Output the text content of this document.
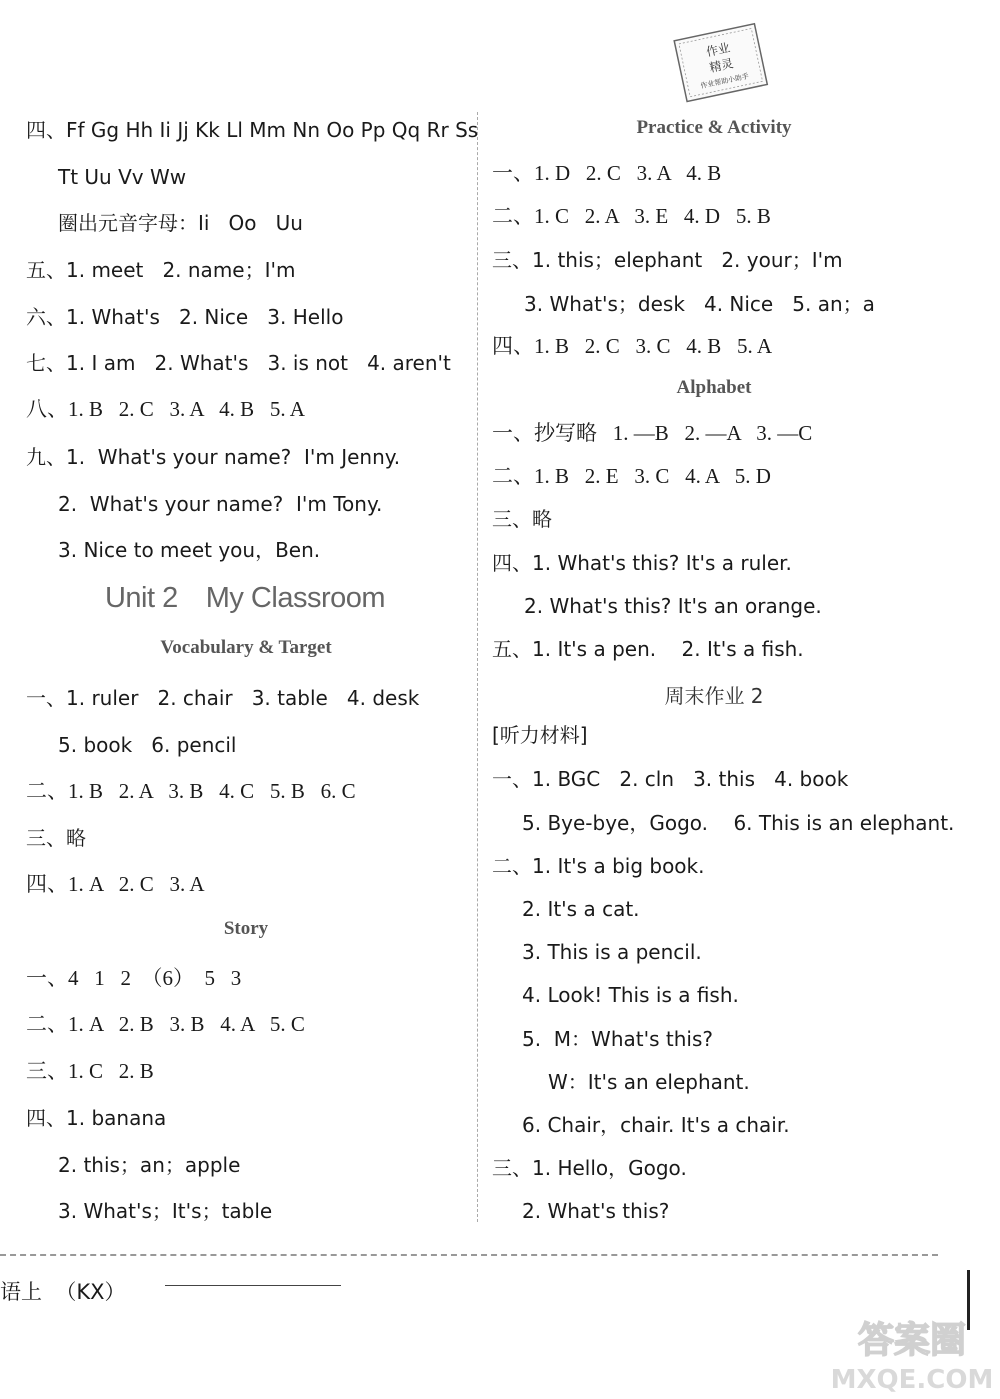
作业
精灵
作业帮助小助手
四、Ff Gg Hh Ii Jj Kk Ll Mm Nn Oo Pp Qq Rr Ss
Tt Uu Vv Ww
圈出元音字母：Ii   Oo   Uu
五、1. meet   2. name；I'm
六、1. What's   2. Nice   3. Hello
七、1. I am   2. What's   3. is not   4. aren't
八、1. B   2. C   3. A   4. B   5. A
九、1.  What's your name?  I'm Jenny.
2.  What's your name?  I'm Tony.
3. Nice to meet you，Ben.
Unit 2 My Classroom
Vocabulary & Target
一、1. ruler   2. chair   3. table   4. desk
5. book   6. pencil
二、1. B   2. A   3. B   4. C   5. B   6. C
三、略
四、1. A   2. C   3. A
Story
一、4   1   2  （6）  5   3
二、1. A   2. B   3. B   4. A   5. C
三、1. C   2. B
四、1. banana
2. this；an；apple
3. What's；It's；table
Practice & Activity
一、1. D   2. C   3. A   4. B
二、1. C   2. A   3. E   4. D   5. B
三、1. this；elephant   2. your；I'm
3. What's；desk   4. Nice   5. an；a
四、1. B   2. C   3. C   4. B   5. A
Alphabet
一、抄写略   1. —B   2. —A   3. —C
二、1. B   2. E   3. C   4. A   5. D
三、略
四、1. What's this? It's a ruler.
2. What's this? It's an orange.
五、1. It's a pen.    2. It's a fish.
周末作业 2
[听力材料]
一、1. BGC   2. cln   3. this   4. book
5. Bye-bye，Gogo.    6. This is an elephant.
二、1. It's a big book.
2. It's a cat.
3. This is a pencil.
4. Look! This is a fish.
5.  M：What's this?
W：It's an elephant.
6. Chair，chair. It's a chair.
三、1. Hello，Gogo.
2. What's this?
语上  （KX）
答案圈
MXQE.COM
